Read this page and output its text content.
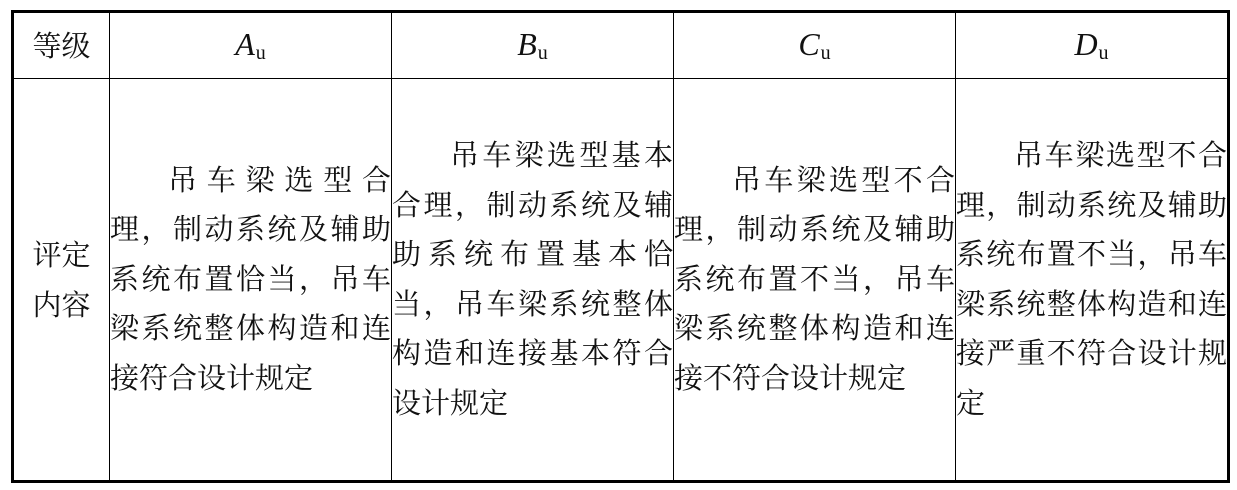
等级	$A_u$	$B_u$	$C_u$	$D_u$
评定内容	吊车梁选型合理，制动系统及辅助系统布置恰当，吊车梁系统整体构造和连接符合设计规定	吊车梁选型基本合理，制动系统及辅助系统布置基本恰当，吊车梁系统整体构造和连接基本符合设计规定	吊车梁选型不合理，制动系统及辅助系统布置不当，吊车梁系统整体构造和连接不符合设计规定	吊车梁选型不合理，制动系统及辅助系统布置不当，吊车梁系统整体构造和连接严重不符合设计规定
